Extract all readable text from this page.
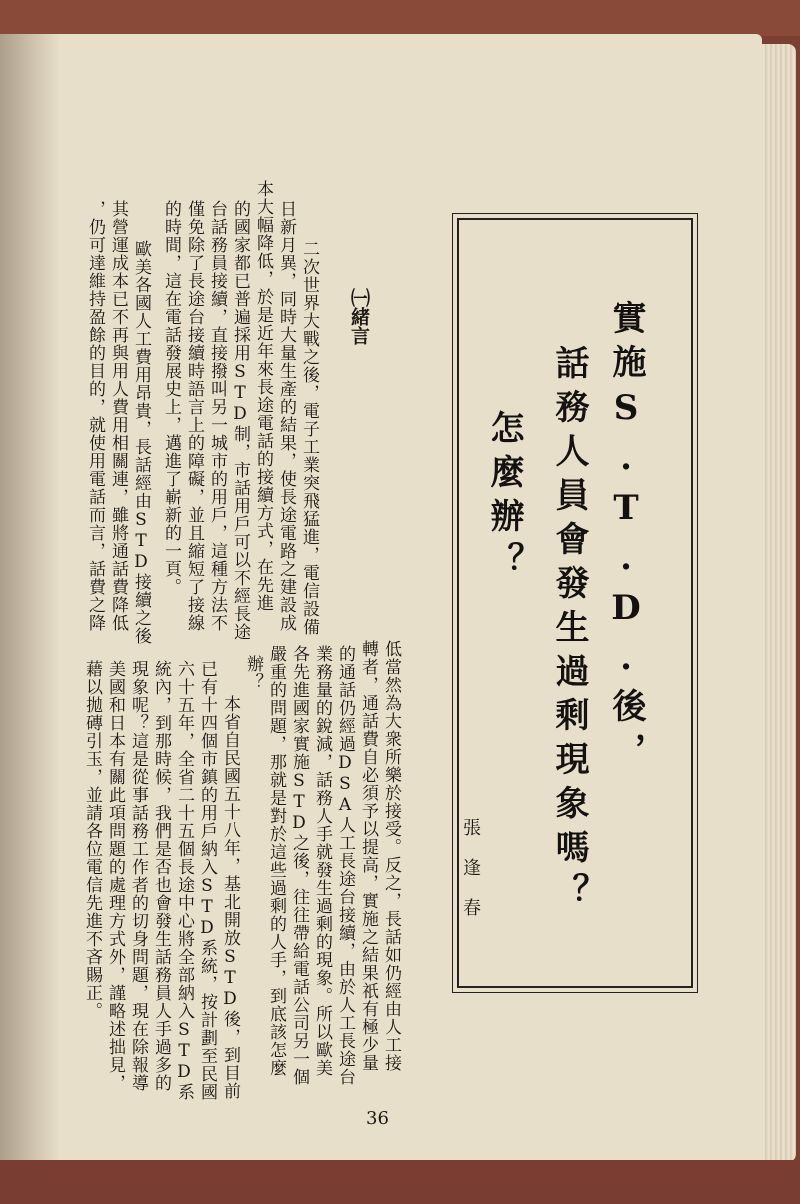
實施S.T.D.後，
話務人員會發生過剩現象嗎？
怎麼辦？
張逢春
㈠緒言
二次世界大戰之後，電子工業突飛猛進，電信設備
日新月異，同時大量生產的結果，使長途電路之建設成
本大幅降低，於是近年來長途電話的接續方式，在先進
的國家都已普遍採用STD制，市話用戶可以不經長途
台話務員接續，直接撥叫另一城市的用戶，這種方法不
僅免除了長途台接續時語言上的障礙，並且縮短了接線
的時間，這在電話發展史上，邁進了嶄新的一頁。
歐美各國人工費用昂貴，長話經由STD接續之後
其營運成本已不再與用人費用相關連，雖將通話費降低
，仍可達維持盈餘的目的，就使用電話而言，話費之降
低當然為大衆所樂於接受。反之，長話如仍經由人工接
轉者，通話費自必須予以提高，實施之結果祇有極少量
的通話仍經過DSA人工長途台接續，由於人工長途台
業務量的銳減，話務人手就發生過剩的現象。所以歐美
各先進國家實施STD之後，往往帶給電話公司另一個
嚴重的問題，那就是對於這些過剩的人手，到底該怎麼
辦？
本省自民國五十八年，基北開放STD後，到目前
已有十四個市鎮的用戶納入STD系統，按計劃至民國
六十五年，全省二十五個長途中心將全部納入STD系
統內，到那時候，我們是否也會發生話務員人手過多的
現象呢？這是從事話務工作者的切身問題，現在除報導
美國和日本有關此項問題的處理方式外，謹略述拙見，
藉以拋磚引玉，並請各位電信先進不吝賜正。
36
